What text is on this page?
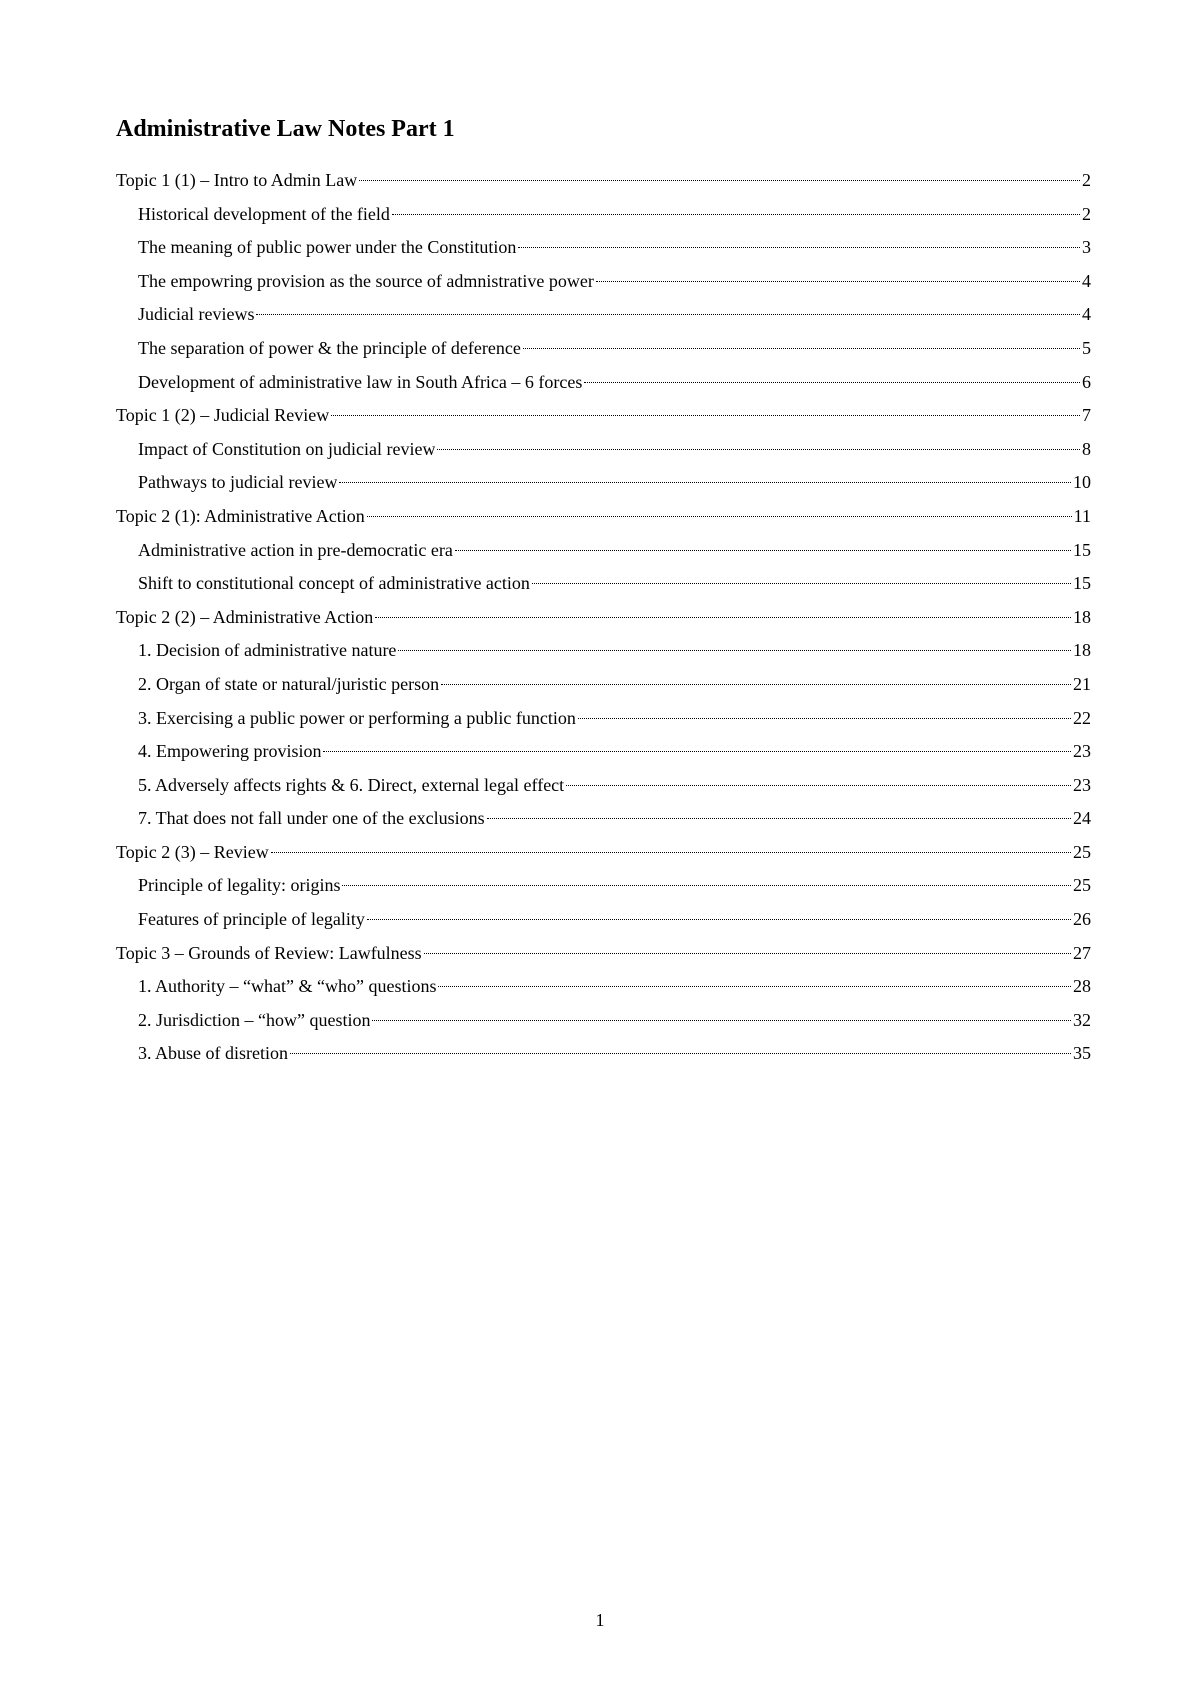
Administrative Law Notes Part 1
Topic 1 (1) – Intro to Admin Law	2
Historical development of the field	2
The meaning of public power under the Constitution	3
The empowring provision as the source of admnistrative power	4
Judicial reviews	4
The separation of power & the principle of deference	5
Development of administrative law in South Africa – 6 forces	6
Topic 1 (2) – Judicial Review	7
Impact of Constitution on judicial review	8
Pathways to judicial review	10
Topic 2 (1): Administrative Action	11
Administrative action in pre-democratic era	15
Shift to constitutional concept of administrative action	15
Topic 2 (2) – Administrative Action	18
1. Decision of administrative nature	18
2. Organ of state or natural/juristic person	21
3. Exercising a public power or performing a public function	22
4. Empowering provision	23
5. Adversely affects rights & 6. Direct, external legal effect	23
7. That does not fall under one of the exclusions	24
Topic 2 (3) – Review	25
Principle of legality: origins	25
Features of principle of legality	26
Topic 3 – Grounds of Review: Lawfulness	27
1. Authority – “what” & “who” questions	28
2. Jurisdiction – “how” question	32
3. Abuse of disretion	35
1
